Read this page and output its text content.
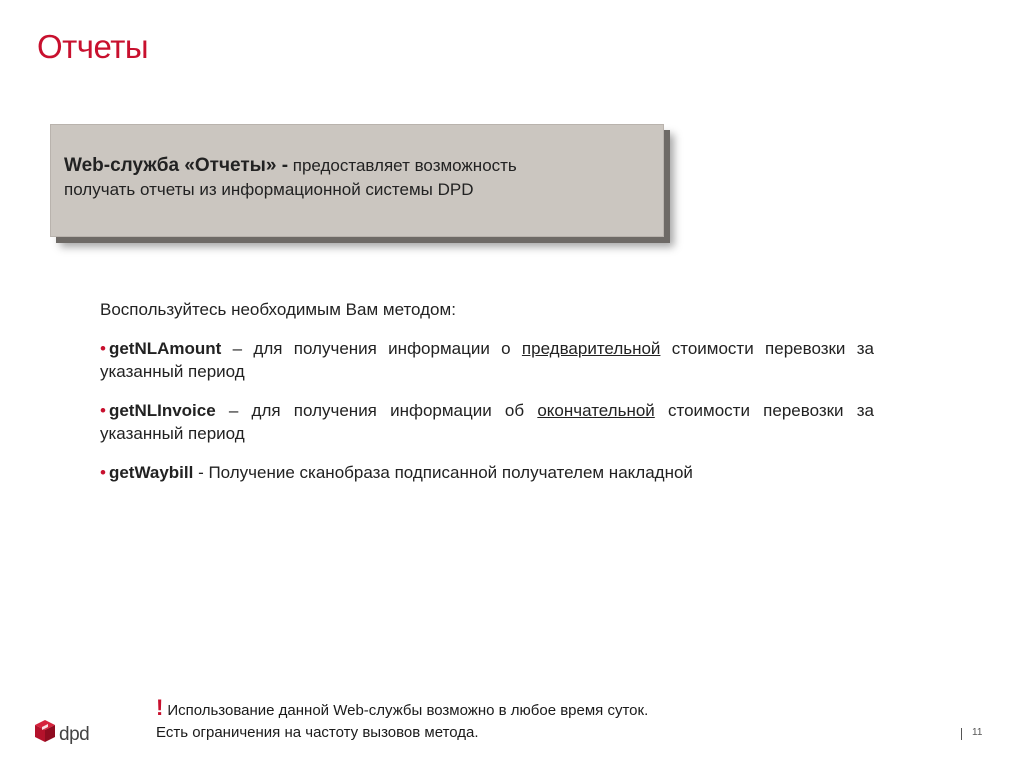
Отчеты
Web-служба «Отчеты» - предоставляет возможность
получать отчеты из информационной системы DPD
Воспользуйтесь необходимым Вам методом:
• getNLAmount – для получения информации о предварительной стоимости перевозки за указанный период
• getNLInvoice – для получения информации об окончательной стоимости перевозки за указанный период
• getWaybill - Получение сканобраза подписанной получателем накладной
! Использование данной Web-службы возможно в любое время суток.
Есть ограничения на частоту вызовов метода.
dpd	11
